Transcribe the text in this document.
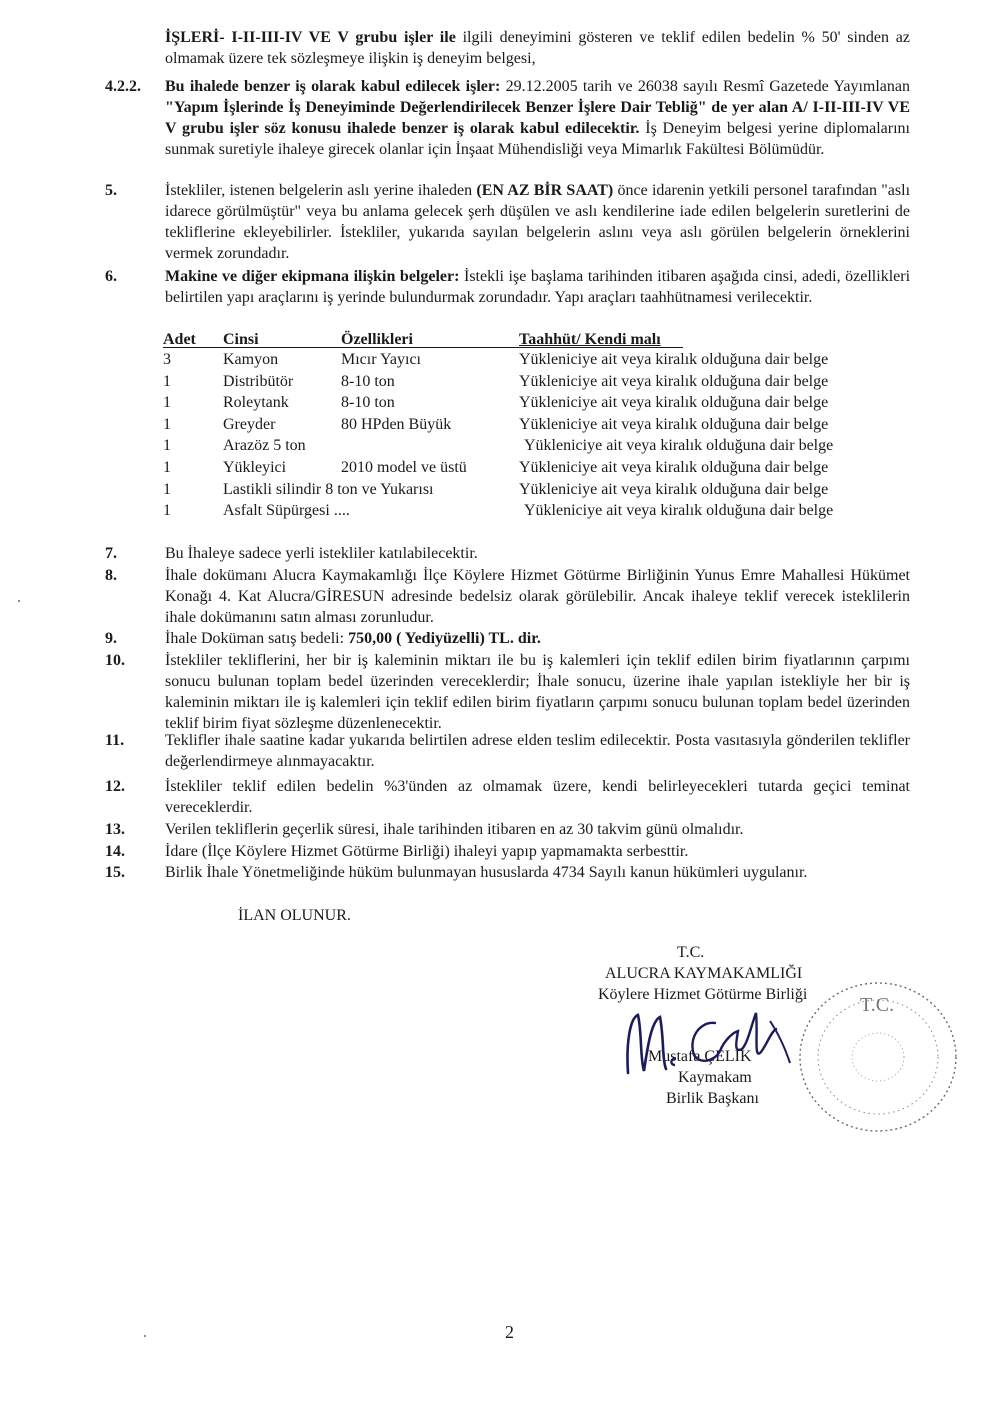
İŞLERİ- I-II-III-IV VE V grubu işler ile ilgili deneyimini gösteren ve teklif edilen bedelin % 50' sinden az olmamak üzere tek sözleşmeye ilişkin iş deneyim belgesi,
4.2.2.	Bu ihalede benzer iş olarak kabul edilecek işler: 29.12.2005 tarih ve 26038 sayılı Resmî Gazetede Yayımlanan "Yapım İşlerinde İş Deneyiminde Değerlendirilecek Benzer İşlere Dair Tebliğ" de yer alan A/ I-II-III-IV VE V grubu işler söz konusu ihalede benzer iş olarak kabul edilecektir. İş Deneyim belgesi yerine diplomalarını sunmak suretiyle ihaleye girecek olanlar için İnşaat Mühendisliği veya Mimarlık Fakültesi Bölümüdür.
5.	İstekliler, istenen belgelerin aslı yerine ihaleden (EN AZ BİR SAAT) önce idarenin yetkili personel tarafından "aslı idarece görülmüştür" veya bu anlama gelecek şerh düşülen ve aslı kendilerine iade edilen belgelerin suretlerini de tekliflerine ekleyebilirler. İstekliler, yukarıda sayılan belgelerin aslını veya aslı görülen belgelerin örneklerini vermek zorundadır.
6.	Makine ve diğer ekipmana ilişkin belgeler: İstekli işe başlama tarihinden itibaren aşağıda cinsi, adedi, özellikleri belirtilen yapı araçlarını iş yerinde bulundurmak zorundadır. Yapı araçları taahhütnamesi verilecektir.
Adet Cinsi	Özellikleri	Taahhüt/ Kendi malı
3	Kamyon	Mıcır Yayıcı	Yükleniciye ait veya kiralık olduğuna dair belge
1	Distribütör	8-10 ton	Yükleniciye ait veya kiralık olduğuna dair belge
1	Roleytank	8-10 ton	Yükleniciye ait veya kiralık olduğuna dair belge
1	Greyder	80 HPden Büyük	Yükleniciye ait veya kiralık olduğuna dair belge
1	Arazöz 5 ton	Yükleniciye ait veya kiralık olduğuna dair belge
1	Yükleyici	2010 model ve üstü	Yükleniciye ait veya kiralık olduğuna dair belge
1	Lastikli silindir 8 ton ve Yukarısı	Yükleniciye ait veya kiralık olduğuna dair belge
1	Asfalt Süpürgesi ....	Yükleniciye ait veya kiralık olduğuna dair belge
7.	Bu İhaleye sadece yerli istekliler katılabilecektir.
8.	İhale dokümanı Alucra Kaymakamlığı İlçe Köylere Hizmet Götürme Birliğinin Yunus Emre Mahallesi Hükümet Konağı 4. Kat Alucra/GİRESUN adresinde bedelsiz olarak görülebilir. Ancak ihaleye teklif verecek isteklilerin ihale dokümanını satın alması zorunludur.
9.	İhale Doküman satış bedeli: 750,00 ( Yediyüzelli) TL. dir.
10.	İstekliler tekliflerini, her bir iş kaleminin miktarı ile bu iş kalemleri için teklif edilen birim fiyatlarının çarpımı sonucu bulunan toplam bedel üzerinden vereceklerdir; İhale sonucu, üzerine ihale yapılan istekliyle her bir iş kaleminin miktarı ile iş kalemleri için teklif edilen birim fiyatların çarpımı sonucu bulunan toplam bedel üzerinden teklif birim fiyat sözleşme düzenlenecektir.
11.	Teklifler ihale saatine kadar yukarıda belirtilen adrese elden teslim edilecektir. Posta vasıtasıyla gönderilen teklifler değerlendirmeye alınmayacaktır.
12.	İstekliler teklif edilen bedelin %3'ünden az olmamak üzere, kendi belirleyecekleri tutarda geçici teminat vereceklerdir.
13.	Verilen tekliflerin geçerlik süresi, ihale tarihinden itibaren en az 30 takvim günü olmalıdır.
14.	İdare (İlçe Köylere Hizmet Götürme Birliği) ihaleyi yapıp yapmamakta serbesttir.
15.	Birlik İhale Yönetmeliğinde hüküm bulunmayan hususlarda 4734 Sayılı kanun hükümleri uygulanır.
İLAN OLUNUR.
T.C.
ALUCRA KAYMAKAMLIĞI
Köylere Hizmet Götürme Birliği
Mustafa ÇELİK
Kaymakam
Birlik Başkanı
T.C.
2
